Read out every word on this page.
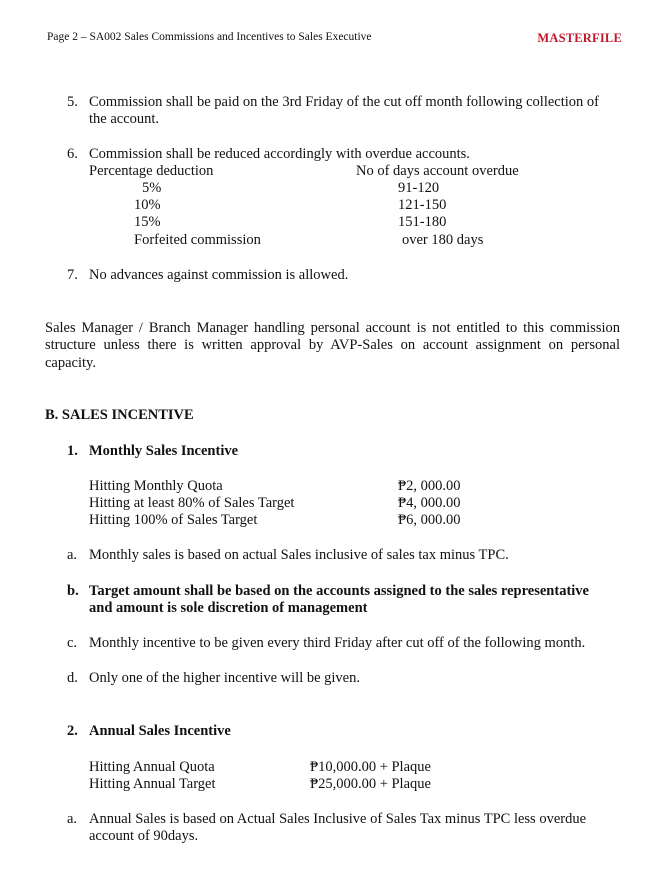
Page 2 – SA002 Sales Commissions and Incentives to Sales Executive	MASTERFILE
5. Commission shall be paid on the 3rd Friday of the cut off month following collection of
the account.
6. Commission shall be reduced accordingly with overdue accounts.
Percentage deduction	No of days account overdue
5%	91-120
10%	121-150
15%	151-180
Forfeited commission	over 180 days
7. No advances against commission is allowed.
Sales Manager / Branch Manager handling personal account is not entitled to this commission
structure unless there is written approval by AVP-Sales on account assignment on personal
capacity.
B. SALES INCENTIVE
1. Monthly Sales Incentive
Hitting Monthly Quota	₱2, 000.00
Hitting at least 80% of Sales Target	₱4, 000.00
Hitting 100% of Sales Target	₱6, 000.00
a. Monthly sales is based on actual Sales inclusive of sales tax minus TPC.
b. Target amount shall be based on the accounts assigned to the sales representative
and amount is sole discretion of management
c. Monthly incentive to be given every third Friday after cut off of the following month.
d. Only one of the higher incentive will be given.
2. Annual Sales Incentive
Hitting Annual Quota	₱10,000.00 + Plaque
Hitting Annual Target	₱25,000.00 + Plaque
a. Annual Sales is based on Actual Sales Inclusive of Sales Tax minus TPC less overdue
account of 90days.
